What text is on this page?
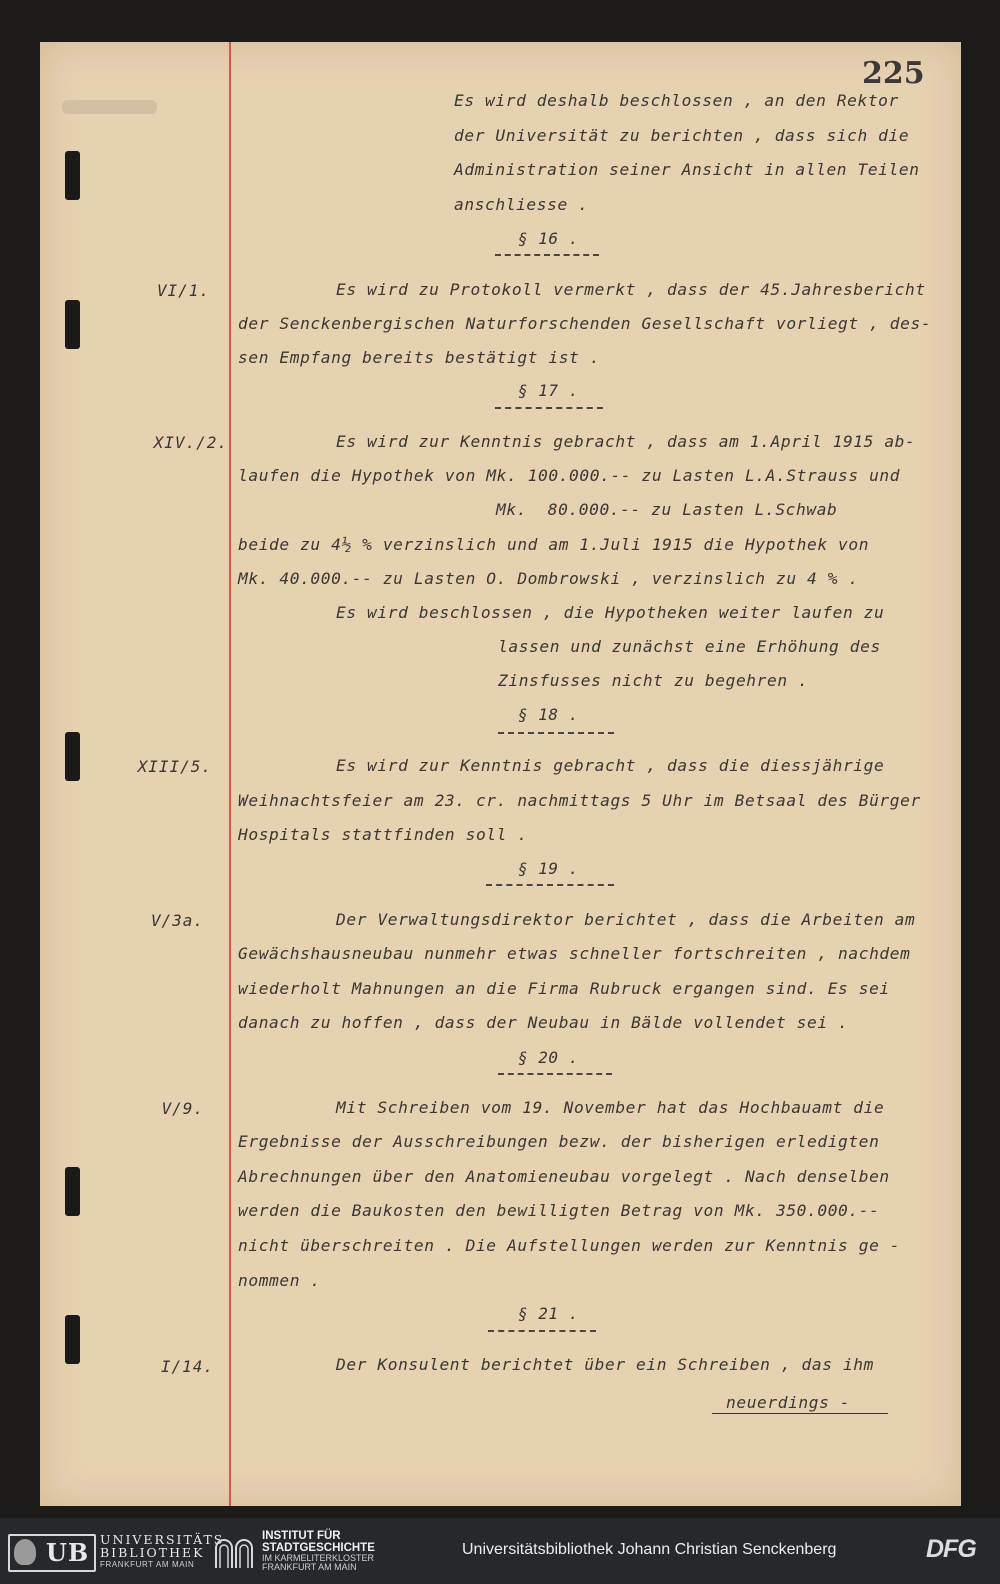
225
Es wird deshalb beschlossen , an den Rektor
der Universität zu berichten , dass sich die
Administration seiner Ansicht in allen Teilen
anschliesse .
§ 16 .
VI/1.	Es wird zu Protokoll vermerkt , dass der 45.Jahresbericht
der Senckenbergischen Naturforschenden Gesellschaft vorliegt , des-
sen Empfang bereits bestätigt ist .
§ 17 .
XIV./2.	Es wird zur Kenntnis gebracht , dass am 1.April 1915 ab-
laufen die Hypothek von Mk. 100.000.-- zu Lasten L.A.Strauss und
Mk.  80.000.-- zu Lasten L.Schwab
beide zu 4½ % verzinslich und am 1.Juli 1915 die Hypothek von
Mk. 40.000.-- zu Lasten O. Dombrowski , verzinslich zu 4 % .
Es wird beschlossen , die Hypotheken weiter laufen zu
lassen und zunächst eine Erhöhung des
Zinsfusses nicht zu begehren .
§ 18 .
XIII/5.	Es wird zur Kenntnis gebracht , dass die diessjährige
Weihnachtsfeier am 23. cr. nachmittags 5 Uhr im Betsaal des Bürger
Hospitals stattfinden soll .
§ 19 .
V/3a.	Der Verwaltungsdirektor berichtet , dass die Arbeiten am
Gewächshausneubau nunmehr etwas schneller fortschreiten , nachdem
wiederholt Mahnungen an die Firma Rubruck ergangen sind. Es sei
danach zu hoffen , dass der Neubau in Bälde vollendet sei .
§ 20 .
V/9.	Mit Schreiben vom 19. November hat das Hochbauamt die
Ergebnisse der Ausschreibungen bezw. der bisherigen erledigten
Abrechnungen über den Anatomieneubau vorgelegt . Nach denselben
werden die Baukosten den bewilligten Betrag von Mk. 350.000.--
nicht überschreiten . Die Aufstellungen werden zur Kenntnis ge -
nommen .
§ 21 .
I/14.	Der Konsulent berichtet über ein Schreiben , das ihm
neuerdings -
UB UNIVERSITÄTS
BIBLIOTHEK
FRANKFURT AM MAIN
INSTITUT FÜR
STADTGESCHICHTE
IM KARMELITERKLOSTER
FRANKFURT AM MAIN
Universitätsbibliothek Johann Christian Senckenberg	DFG
